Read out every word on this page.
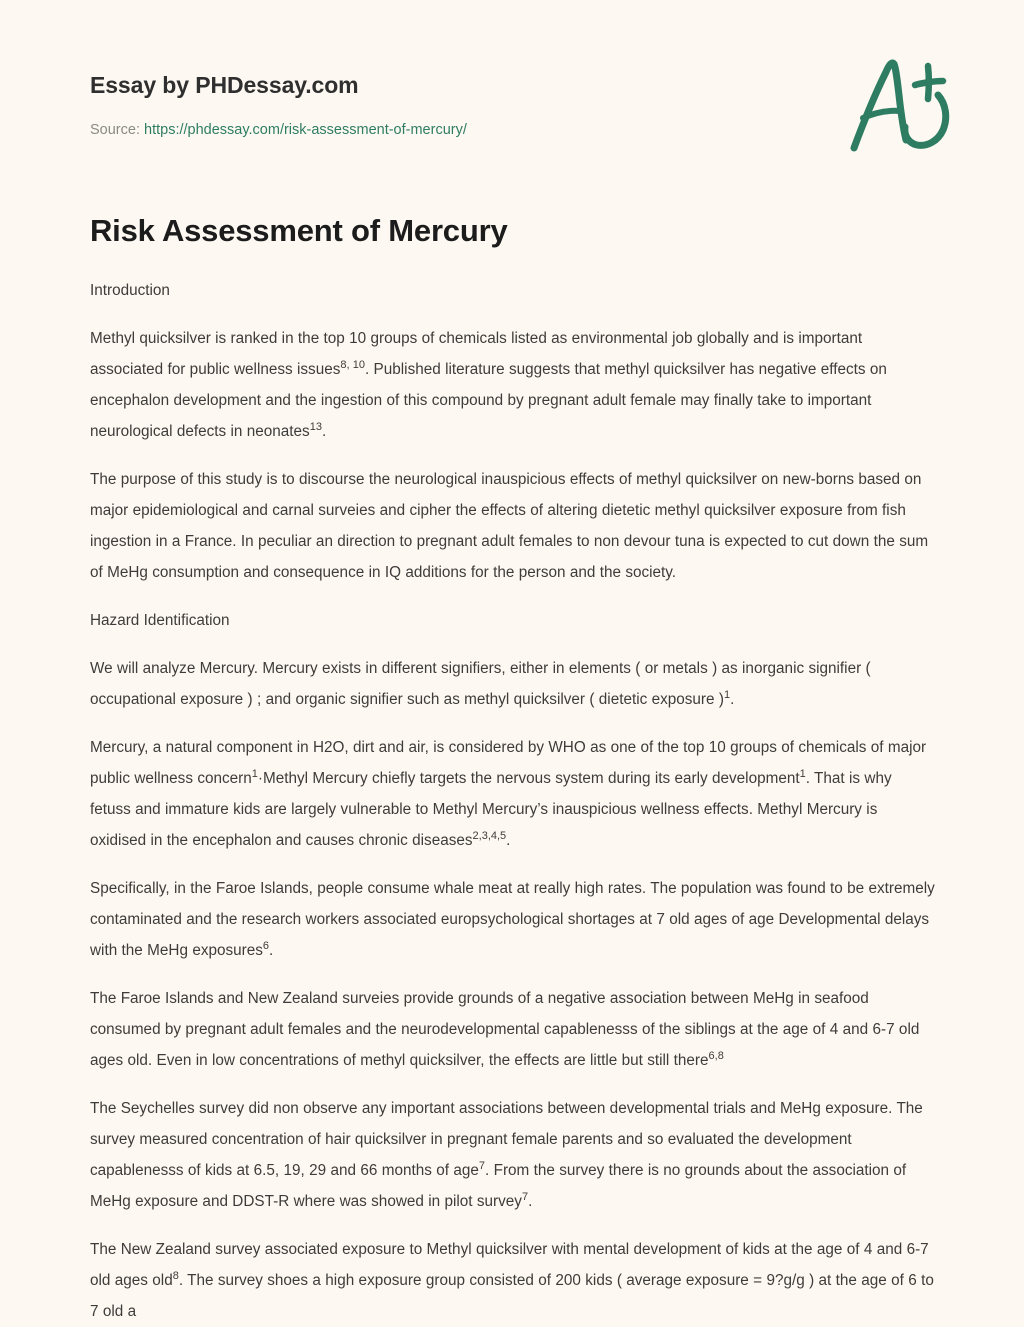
Essay by PHDessay.com
Source: https://phdessay.com/risk-assessment-of-mercury/
Risk Assessment of Mercury

Introduction

Methyl quicksilver is ranked in the top 10 groups of chemicals listed as environmental job globally and is important associated for public wellness issues$^{8, 10}$. Published literature suggests that methyl quicksilver has negative effects on encephalon development and the ingestion of this compound by pregnant adult female may finally take to important neurological defects in neonates$^{13}$.

The purpose of this study is to discourse the neurological inauspicious effects of methyl quicksilver on new-borns based on major epidemiological and carnal surveies and cipher the effects of altering dietetic methyl quicksilver exposure from fish ingestion in a France. In peculiar an direction to pregnant adult females to non devour tuna is expected to cut down the sum of MeHg consumption and consequence in IQ additions for the person and the society.

Hazard Identification

We will analyze Mercury. Mercury exists in different signifiers, either in elements ( or metals ) as inorganic signifier ( occupational exposure ) ; and organic signifier such as methyl quicksilver ( dietetic exposure )$^1$.

Mercury, a natural component in H2O, dirt and air, is considered by WHO as one of the top 10 groups of chemicals of major public wellness concern$^1$·Methyl Mercury chiefly targets the nervous system during its early development$^1$. That is why fetuss and immature kids are largely vulnerable to Methyl Mercury’s inauspicious wellness effects. Methyl Mercury is oxidised in the encephalon and causes chronic diseases$^{2,3,4,5}$.

Specifically, in the Faroe Islands, people consume whale meat at really high rates. The population was found to be extremely contaminated and the research workers associated europsychological shortages at 7 old ages of age Developmental delays with the MeHg exposures$^6$.

The Faroe Islands and New Zealand surveies provide grounds of a negative association between MeHg in seafood consumed by pregnant adult females and the neurodevelopmental capablenesss of the siblings at the age of 4 and 6-7 old ages old. Even in low concentrations of methyl quicksilver, the effects are little but still there$^{6,8}$

The Seychelles survey did non observe any important associations between developmental trials and MeHg exposure. The survey measured concentration of hair quicksilver in pregnant female parents and so evaluated the development capablenesss of kids at 6.5, 19, 29 and 66 months of age$^7$. From the survey there is no grounds about the association of MeHg exposure and DDST-R where was showed in pilot survey$^7$.

The New Zealand survey associated exposure to Methyl quicksilver with mental development of kids at the age of 4 and 6-7 old ages old$^8$. The survey shoes a high exposure group consisted of 200 kids ( average exposure = 9?g/g ) at the age of 6 to 7 old a
